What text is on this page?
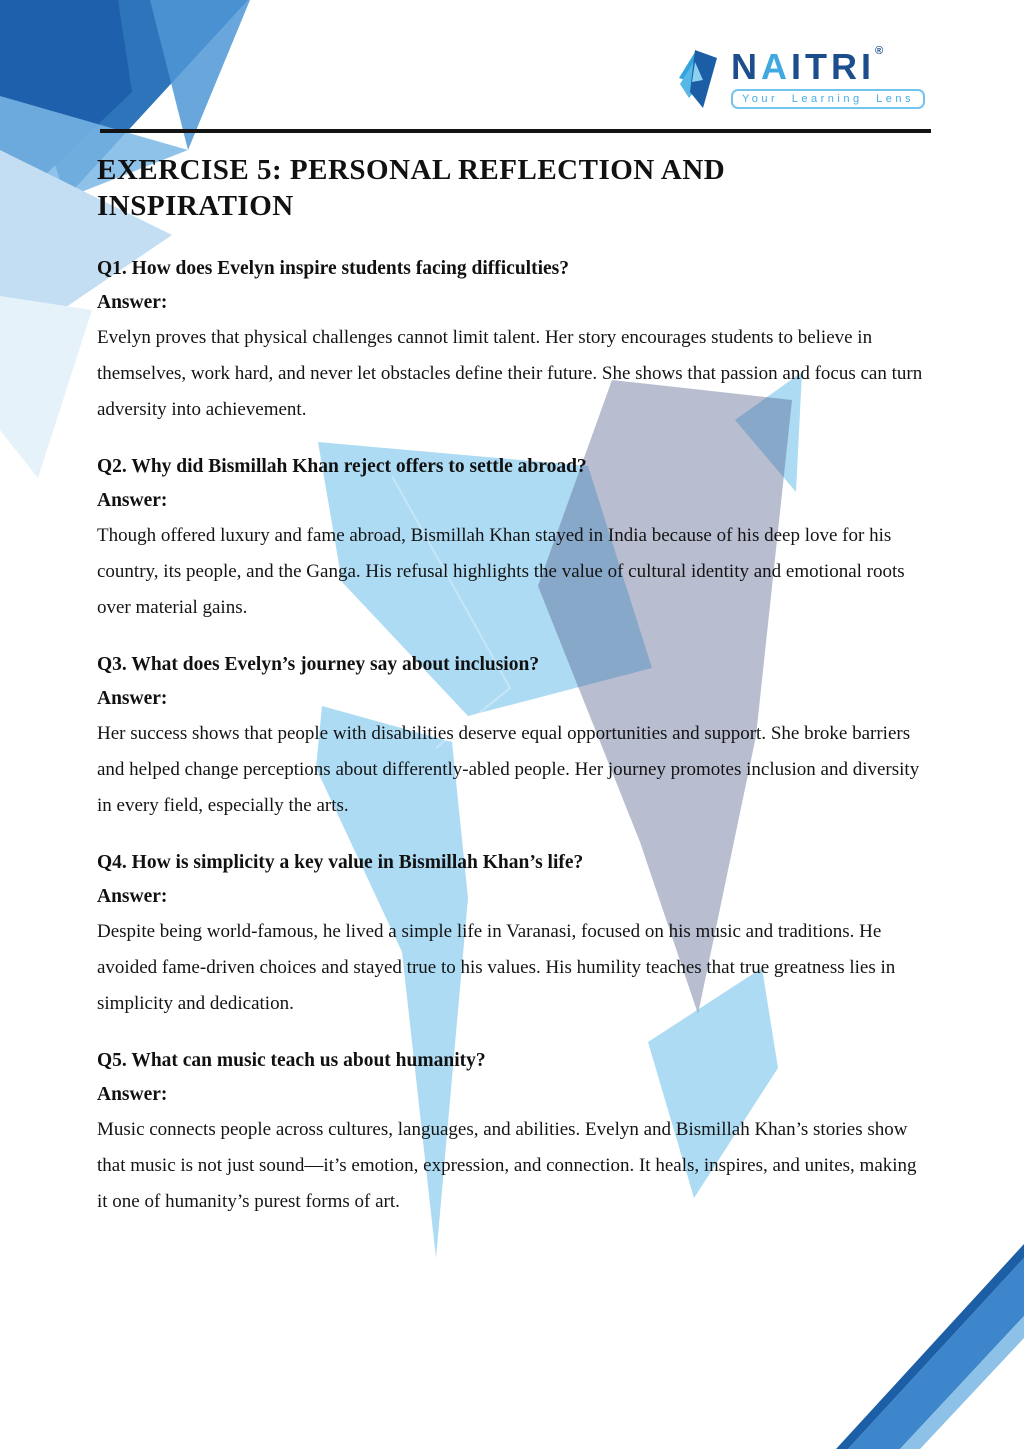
NAITRI®
Your Learning Lens
EXERCISE 5: PERSONAL REFLECTION AND INSPIRATION
Q1. How does Evelyn inspire students facing difficulties?

Answer:

Evelyn proves that physical challenges cannot limit talent. Her story encourages students to believe in themselves, work hard, and never let obstacles define their future. She shows that passion and focus can turn adversity into achievement.

Q2. Why did Bismillah Khan reject offers to settle abroad?

Answer:

Though offered luxury and fame abroad, Bismillah Khan stayed in India because of his deep love for his country, its people, and the Ganga. His refusal highlights the value of cultural identity and emotional roots over material gains.

Q3. What does Evelyn’s journey say about inclusion?

Answer:

Her success shows that people with disabilities deserve equal opportunities and support. She broke barriers and helped change perceptions about differently-abled people. Her journey promotes inclusion and diversity in every field, especially the arts.

Q4. How is simplicity a key value in Bismillah Khan’s life?

Answer:

Despite being world-famous, he lived a simple life in Varanasi, focused on his music and traditions. He avoided fame-driven choices and stayed true to his values. His humility teaches that true greatness lies in simplicity and dedication.

Q5. What can music teach us about humanity?

Answer:

Music connects people across cultures, languages, and abilities. Evelyn and Bismillah Khan’s stories show that music is not just sound—it’s emotion, expression, and connection. It heals, inspires, and unites, making it one of humanity’s purest forms of art.
